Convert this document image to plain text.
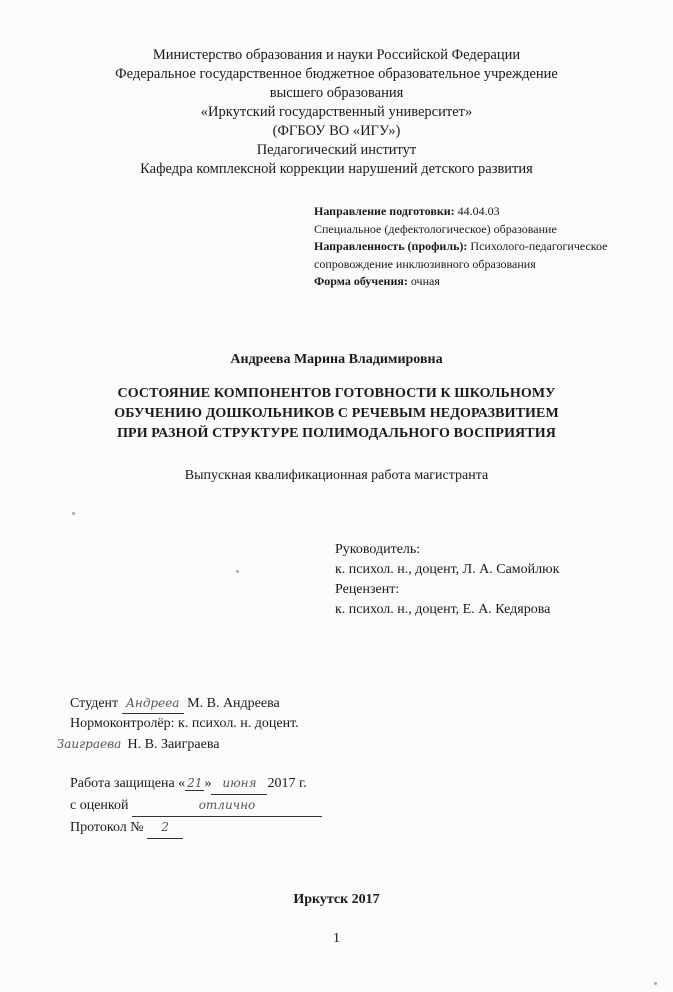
Министерство образования и науки Российской Федерации
Федеральное государственное бюджетное образовательное учреждение
высшего образования
«Иркутский государственный университет»
(ФГБОУ ВО «ИГУ»)
Педагогический институт
Кафедра комплексной коррекции нарушений детского развития
Направление подготовки: 44.04.03
Специальное (дефектологическое) образование
Направленность (профиль): Психолого-педагогическое сопровождение инклюзивного образования
Форма обучения: очная
Андреева Марина Владимировна
СОСТОЯНИЕ КОМПОНЕНТОВ ГОТОВНОСТИ К ШКОЛЬНОМУ
ОБУЧЕНИЮ ДОШКОЛЬНИКОВ С РЕЧЕВЫМ НЕДОРАЗВИТИЕМ
ПРИ РАЗНОЙ СТРУКТУРЕ ПОЛИМОДАЛЬНОГО ВОСПРИЯТИЯ
Выпускная квалификационная работа магистранта
Руководитель:
к. психол. н., доцент, Л. А. Самойлюк
Рецензент:
к. психол. н., доцент, Е. А. Кедярова
Студент Андрееа М. В. Андреева
Нормоконтролёр: к. психол. н. доцент.
Заиграева Н. В. Заиграева
Работа защищена « 21 » июня 2017 г.
с оценкой	отлично
Протокол № 2
Иркутск 2017
1
